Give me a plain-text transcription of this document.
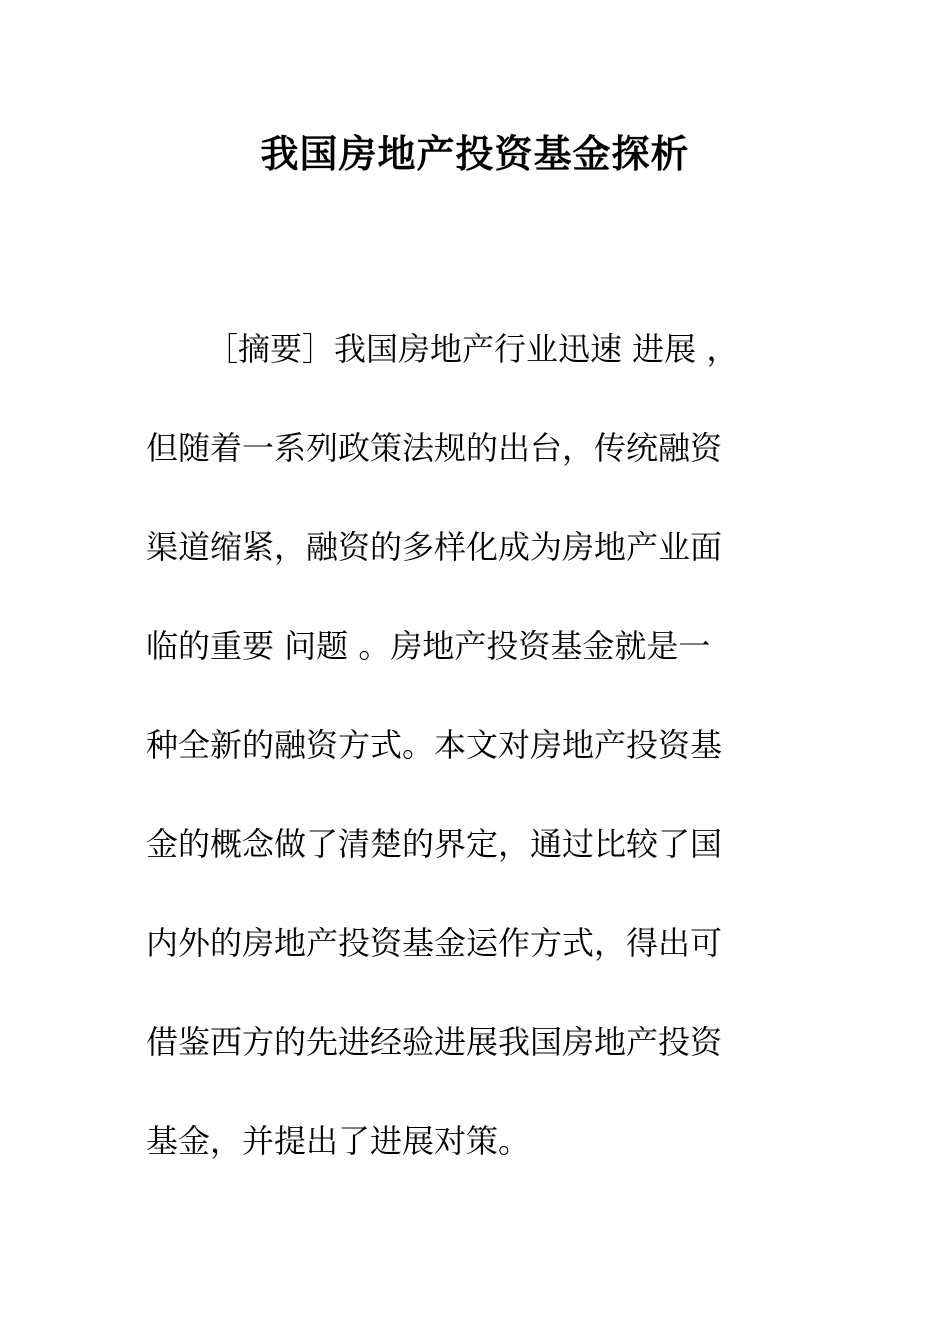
我国房地产投资基金探析
［摘要］我国房地产行业迅速 进展 ，
但随着一系列政策法规的出台，传统融资
渠道缩紧，融资的多样化成为房地产业面
临的重要 问题 。房地产投资基金就是一
种全新的融资方式。本文对房地产投资基
金的概念做了清楚的界定，通过比较了国
内外的房地产投资基金运作方式，得出可
借鉴西方的先进经验进展我国房地产投资
基金，并提出了进展对策。
